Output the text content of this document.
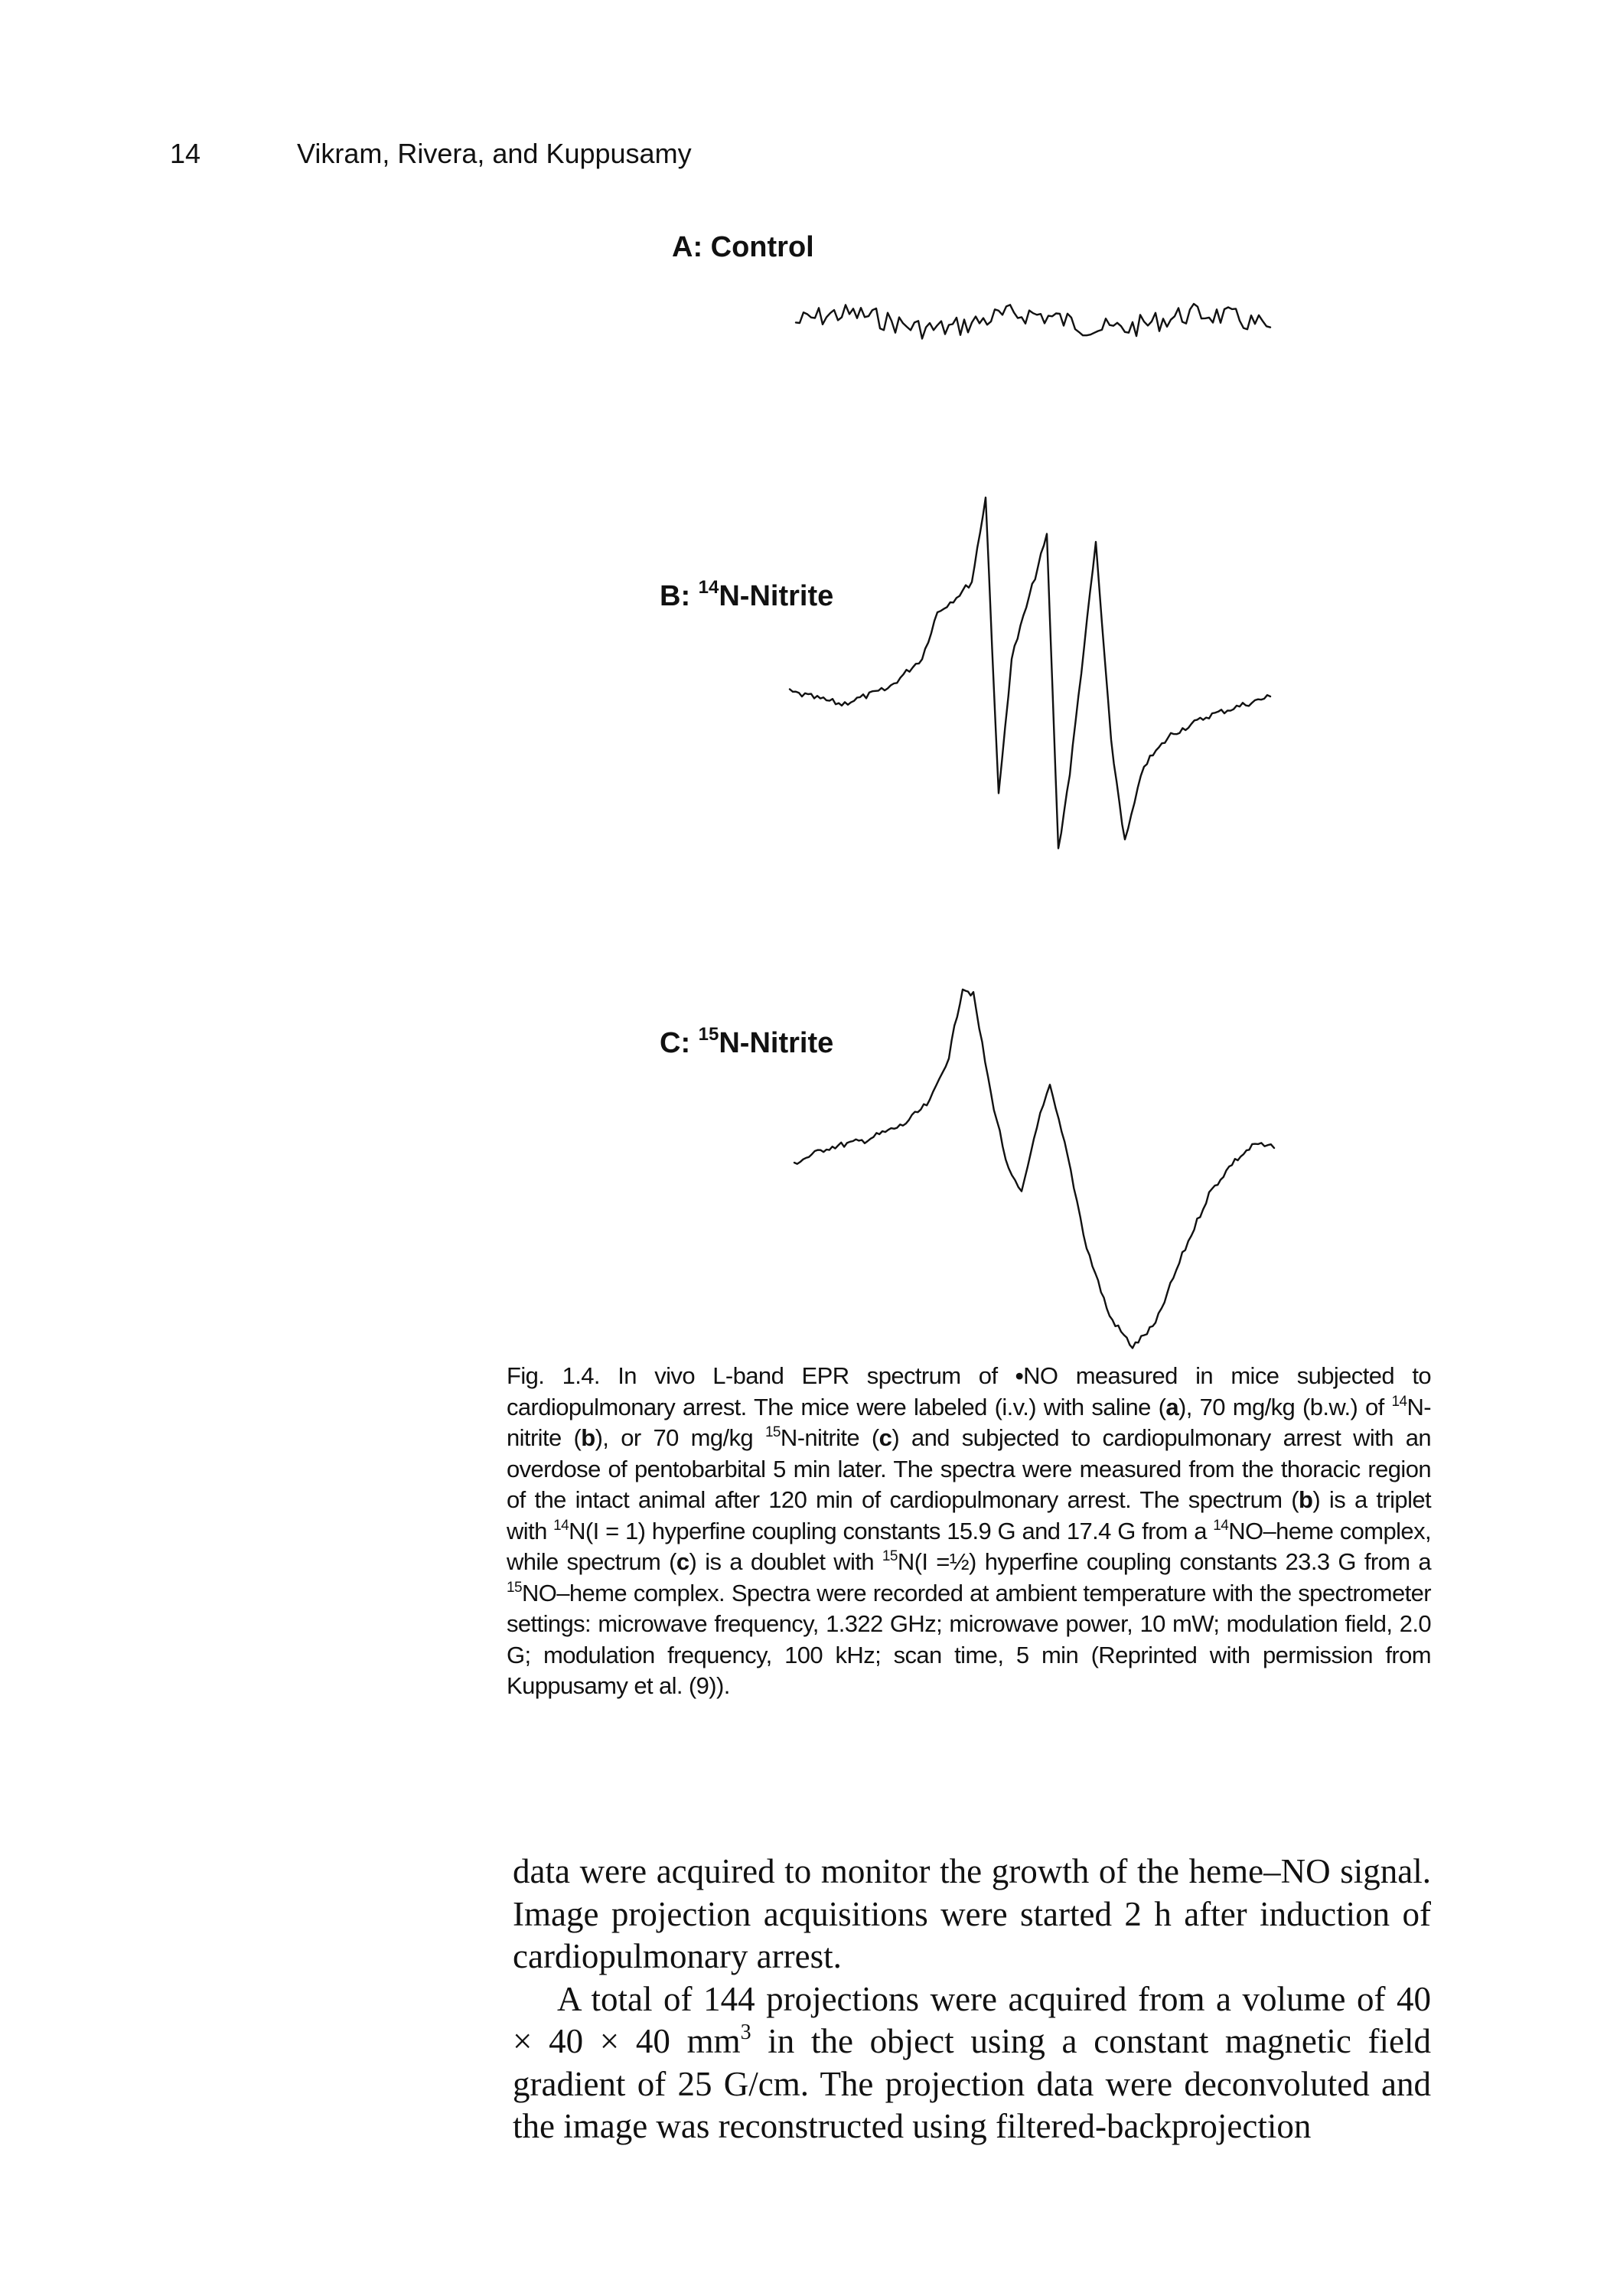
14	Vikram, Rivera, and Kuppusamy
A: Control
B: $^{14}$N-Nitrite
C: $^{15}$N-Nitrite
Fig. 1.4. In vivo L-band EPR spectrum of •NO measured in mice subjected to cardiopulmonary arrest. The mice were labeled (i.v.) with saline (a), 70 mg/kg (b.w.) of $^{14}$N-nitrite (b), or 70 mg/kg $^{15}$N-nitrite (c) and subjected to cardiopulmonary arrest with an overdose of pentobarbital 5 min later. The spectra were measured from the thoracic region of the intact animal after 120 min of cardiopulmonary arrest. The spectrum (b) is a triplet with $^{14}$N(I = 1) hyperfine coupling constants 15.9 G and 17.4 G from a $^{14}$NO–heme complex, while spectrum (c) is a doublet with $^{15}$N(I =½) hyperfine coupling constants 23.3 G from a $^{15}$NO–heme complex. Spectra were recorded at ambient temperature with the spectrometer settings: microwave frequency, 1.322 GHz; microwave power, 10 mW; modulation field, 2.0 G; modulation frequency, 100 kHz; scan time, 5 min (Reprinted with permission from Kuppusamy et al. (9)).

data were acquired to monitor the growth of the heme–NO signal. Image projection acquisitions were started 2 h after induction of cardiopulmonary arrest.

A total of 144 projections were acquired from a volume of 40 × 40 × 40 $mm^3$ in the object using a constant magnetic field gradient of 25 G/cm. The projection data were deconvoluted and the image was reconstructed using filtered-backprojection
